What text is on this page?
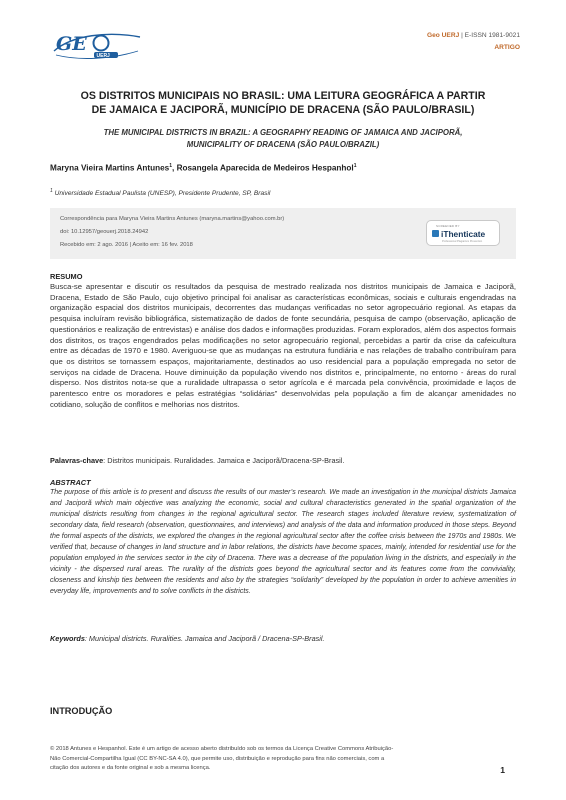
GE
UERJ
Geo UERJ | E-ISSN 1981-9021
ARTIGO
OS DISTRITOS MUNICIPAIS NO BRASIL: UMA LEITURA GEOGRÁFICA A PARTIR
DE JAMAICA E JACIPORÃ, MUNICÍPIO DE DRACENA (SÃO PAULO/BRASIL)
THE MUNICIPAL DISTRICTS IN BRAZIL: A GEOGRAPHY READING OF JAMAICA AND JACIPORÃ,
MUNICIPALITY OF DRACENA (SÃO PAULO/BRAZIL)
Maryna Vieira Martins Antunes$^1$, Rosangela Aparecida de Medeiros Hespanhol$^1$
$^1$ Universidade Estadual Paulista (UNESP), Presidente Prudente, SP, Brasil
Correspondência para Maryna Vieira Martins Antunes (maryna.martins@yahoo.com.br)
doi: 10.12957/geouerj.2018.24942
Recebido em: 2 ago. 2016 | Aceito em: 16 fev. 2018
SCREENED BY
iThenticate
Professional Plagiarism Prevention
RESUMO

Busca-se apresentar e discutir os resultados da pesquisa de mestrado realizada nos distritos municipais de Jamaica e Jaciporã, Dracena, Estado de São Paulo, cujo objetivo principal foi analisar as características econômicas, sociais e culturais engendradas na organização espacial dos distritos municipais, decorrentes das mudanças verificadas no setor agropecuário regional. As etapas da pesquisa incluíram revisão bibliográfica, sistematização de dados de fonte secundária, pesquisa de campo (observação, aplicação de questionários e realização de entrevistas) e análise dos dados e informações produzidas. Foram explorados, além dos aspectos formais dos distritos, os traços engendrados pelas modificações no setor agropecuário regional, percebidas a partir da crise da cafeicultura entre as décadas de 1970 e 1980. Averiguou-se que as mudanças na estrutura fundiária e nas relações de trabalho contribuíram para que os distritos se tornassem espaços, majoritariamente, destinados ao uso residencial para a população empregada no setor de serviços na cidade de Dracena. Houve diminuição da população vivendo nos distritos e, principalmente, no entorno - áreas do rural disperso. Nos distritos nota-se que a ruralidade ultrapassa o setor agrícola e é marcada pela convivência, proximidade e laços de parentesco entre os moradores e pelas estratégias “solidárias” desenvolvidas pela população a fim de alcançar amenidades no cotidiano, solução de conflitos e melhorias nos distritos.

Palavras-chave: Distritos municipais. Ruralidades. Jamaica e Jaciporã/Dracena-SP-Brasil.
ABSTRACT

The purpose of this article is to present and discuss the results of our master’s research. We made an investigation in the municipal districts Jamaica and Jaciporã which main objective was analyzing the economic, social and cultural characteristics generated in the spatial organization of the municipal districts resulting from changes in the regional agricultural sector. The research stages included literature review, systematization of secondary data, field research (observation, questionnaires, and interviews) and analysis of the data and information produced in those steps. Beyond the formal aspects of the districts, we explored the changes in the regional agricultural sector after the coffee crisis between the 1970s and 1980s. We verified that, because of changes in land structure and in labor relations, the districts have become spaces, mainly, intended for residential use for the population employed in the services sector in the city of Dracena. There was a decrease of the population living in the districts, and especially in the vicinity - the dispersed rural areas. The rurality of the districts goes beyond the agricultural sector and its features come from the conviviality, closeness and kinship ties between the residents and also by the strategies “solidarity” developed by the population in order to achieve amenities in everyday life, improvements and to solve conflicts in the districts.

Keywords: Municipal districts. Ruralities. Jamaica and Jaciporã / Dracena-SP-Brasil.
INTRODUÇÃO
© 2018 Antunes e Hespanhol. Este é um artigo de acesso aberto distribuído sob os termos da Licença Creative Commons Atribuição-
Não Comercial-Compartilha Igual (CC BY-NC-SA 4.0), que permite uso, distribuição e reprodução para fins não comerciais, com a
citação dos autores e da fonte original e sob a mesma licença.	1
